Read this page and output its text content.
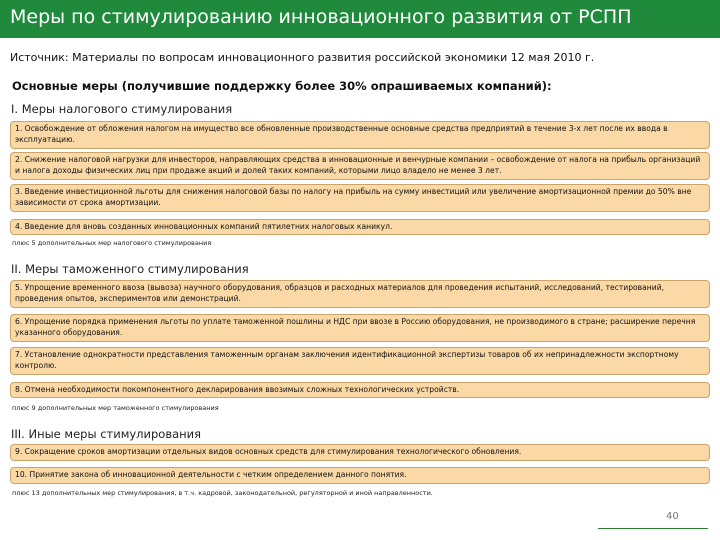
Меры по стимулированию инновационного развития от РСПП
Источник: Материалы по вопросам инновационного развития российской экономики 12 мая 2010 г.
Основные меры (получившие поддержку более 30% опрашиваемых компаний):
I. Меры налогового стимулирования
1. Освобождение от обложения налогом на имущество все обновленные производственные основные средства предприятий в течение 3-х лет после их ввода в эксплуатацию.
2. Снижение налоговой нагрузки для инвесторов, направляющих средства в инновационные и венчурные компании – освобождение от налога на прибыль организаций и налога доходы физических лиц при продаже акций и долей таких компаний, которыми лицо владело не менее 3 лет.
3. Введение инвестиционной льготы для снижения налоговой базы по налогу на прибыль на сумму инвестиций или увеличение амортизационной премии до 50% вне зависимости от срока амортизации.
4. Введение для вновь созданных инновационных компаний пятилетних налоговых каникул.
плюс 5 дополнительных мер налогового стимулирования
II. Меры таможенного стимулирования
5. Упрощение временного ввоза (вывоза) научного оборудования, образцов и расходных материалов для проведения испытаний, исследований, тестирований, проведения опытов, экспериментов или демонстраций.
6. Упрощение порядка применения льготы по уплате таможенной пошлины и НДС при ввозе в Россию оборудования, не производимого в стране; расширение перечня указанного оборудования.
7. Установление однократности представления таможенным органам заключения идентификационной экспертизы товаров об их непринадлежности экспортному контролю.
8. Отмена необходимости покомпонентного декларирования ввозимых сложных технологических устройств.
плюс 9 дополнительных мер таможенного стимулирования
III. Иные меры стимулирования
9. Сокращение сроков амортизации отдельных видов основных средств для стимулирования технологического обновления.
10. Принятие закона об инновационной деятельности с четким определением данного понятия.
плюс 13 дополнительных мер стимулирования, в т.ч. кадровой, законодательной, регуляторной и иной направленности.
40
